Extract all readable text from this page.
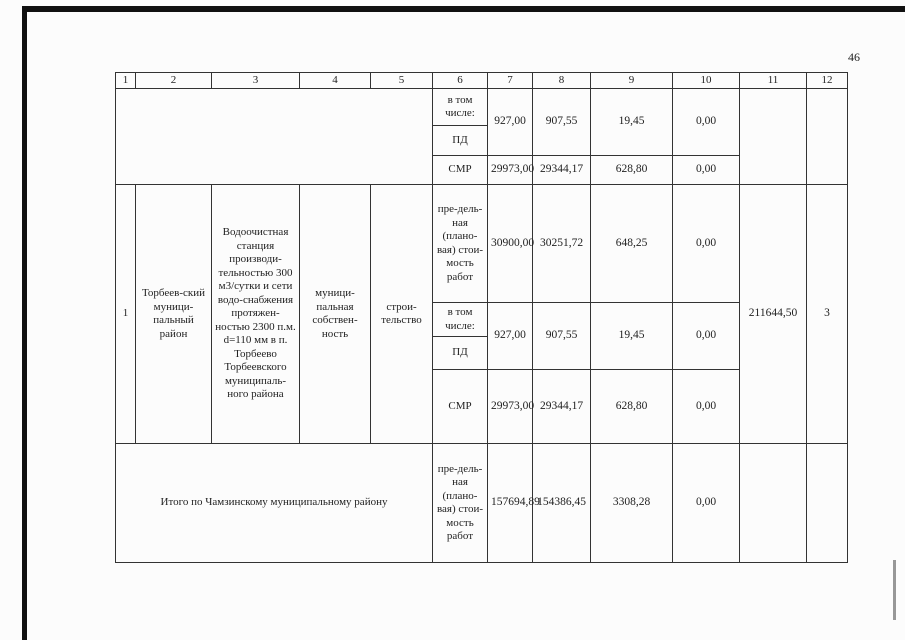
46
1	2	3	4	5	6	7	8	9	10	11	12
					в том числе:	927,00	907,55	19,45	0,00		
					ПД						
					СМР	29973,00	29344,17	628,80	0,00		
1	Торбеев-ский муници-пальный район	Водоочистная станция производи-тельностью 300 м3/сутки и сети водо-снабжения протяжен-ностью 2300 п.м. d=110 мм в п. Торбеево Торбеевского муниципаль-ного района	муници-пальная собствен-ность	строи-тельство	пре-дель-ная (плано-вая) стои-мость работ	30900,00	30251,72	648,25	0,00	211644,50	3
					в том числе:	927,00	907,55	19,45	0,00		
					ПД						
					СМР	29973,00	29344,17	628,80	0,00		
Итого по Чамзинскому муниципальному району					пре-дель-ная (плано-вая) стои-мость работ	157694,89	154386,45	3308,28	0,00		
